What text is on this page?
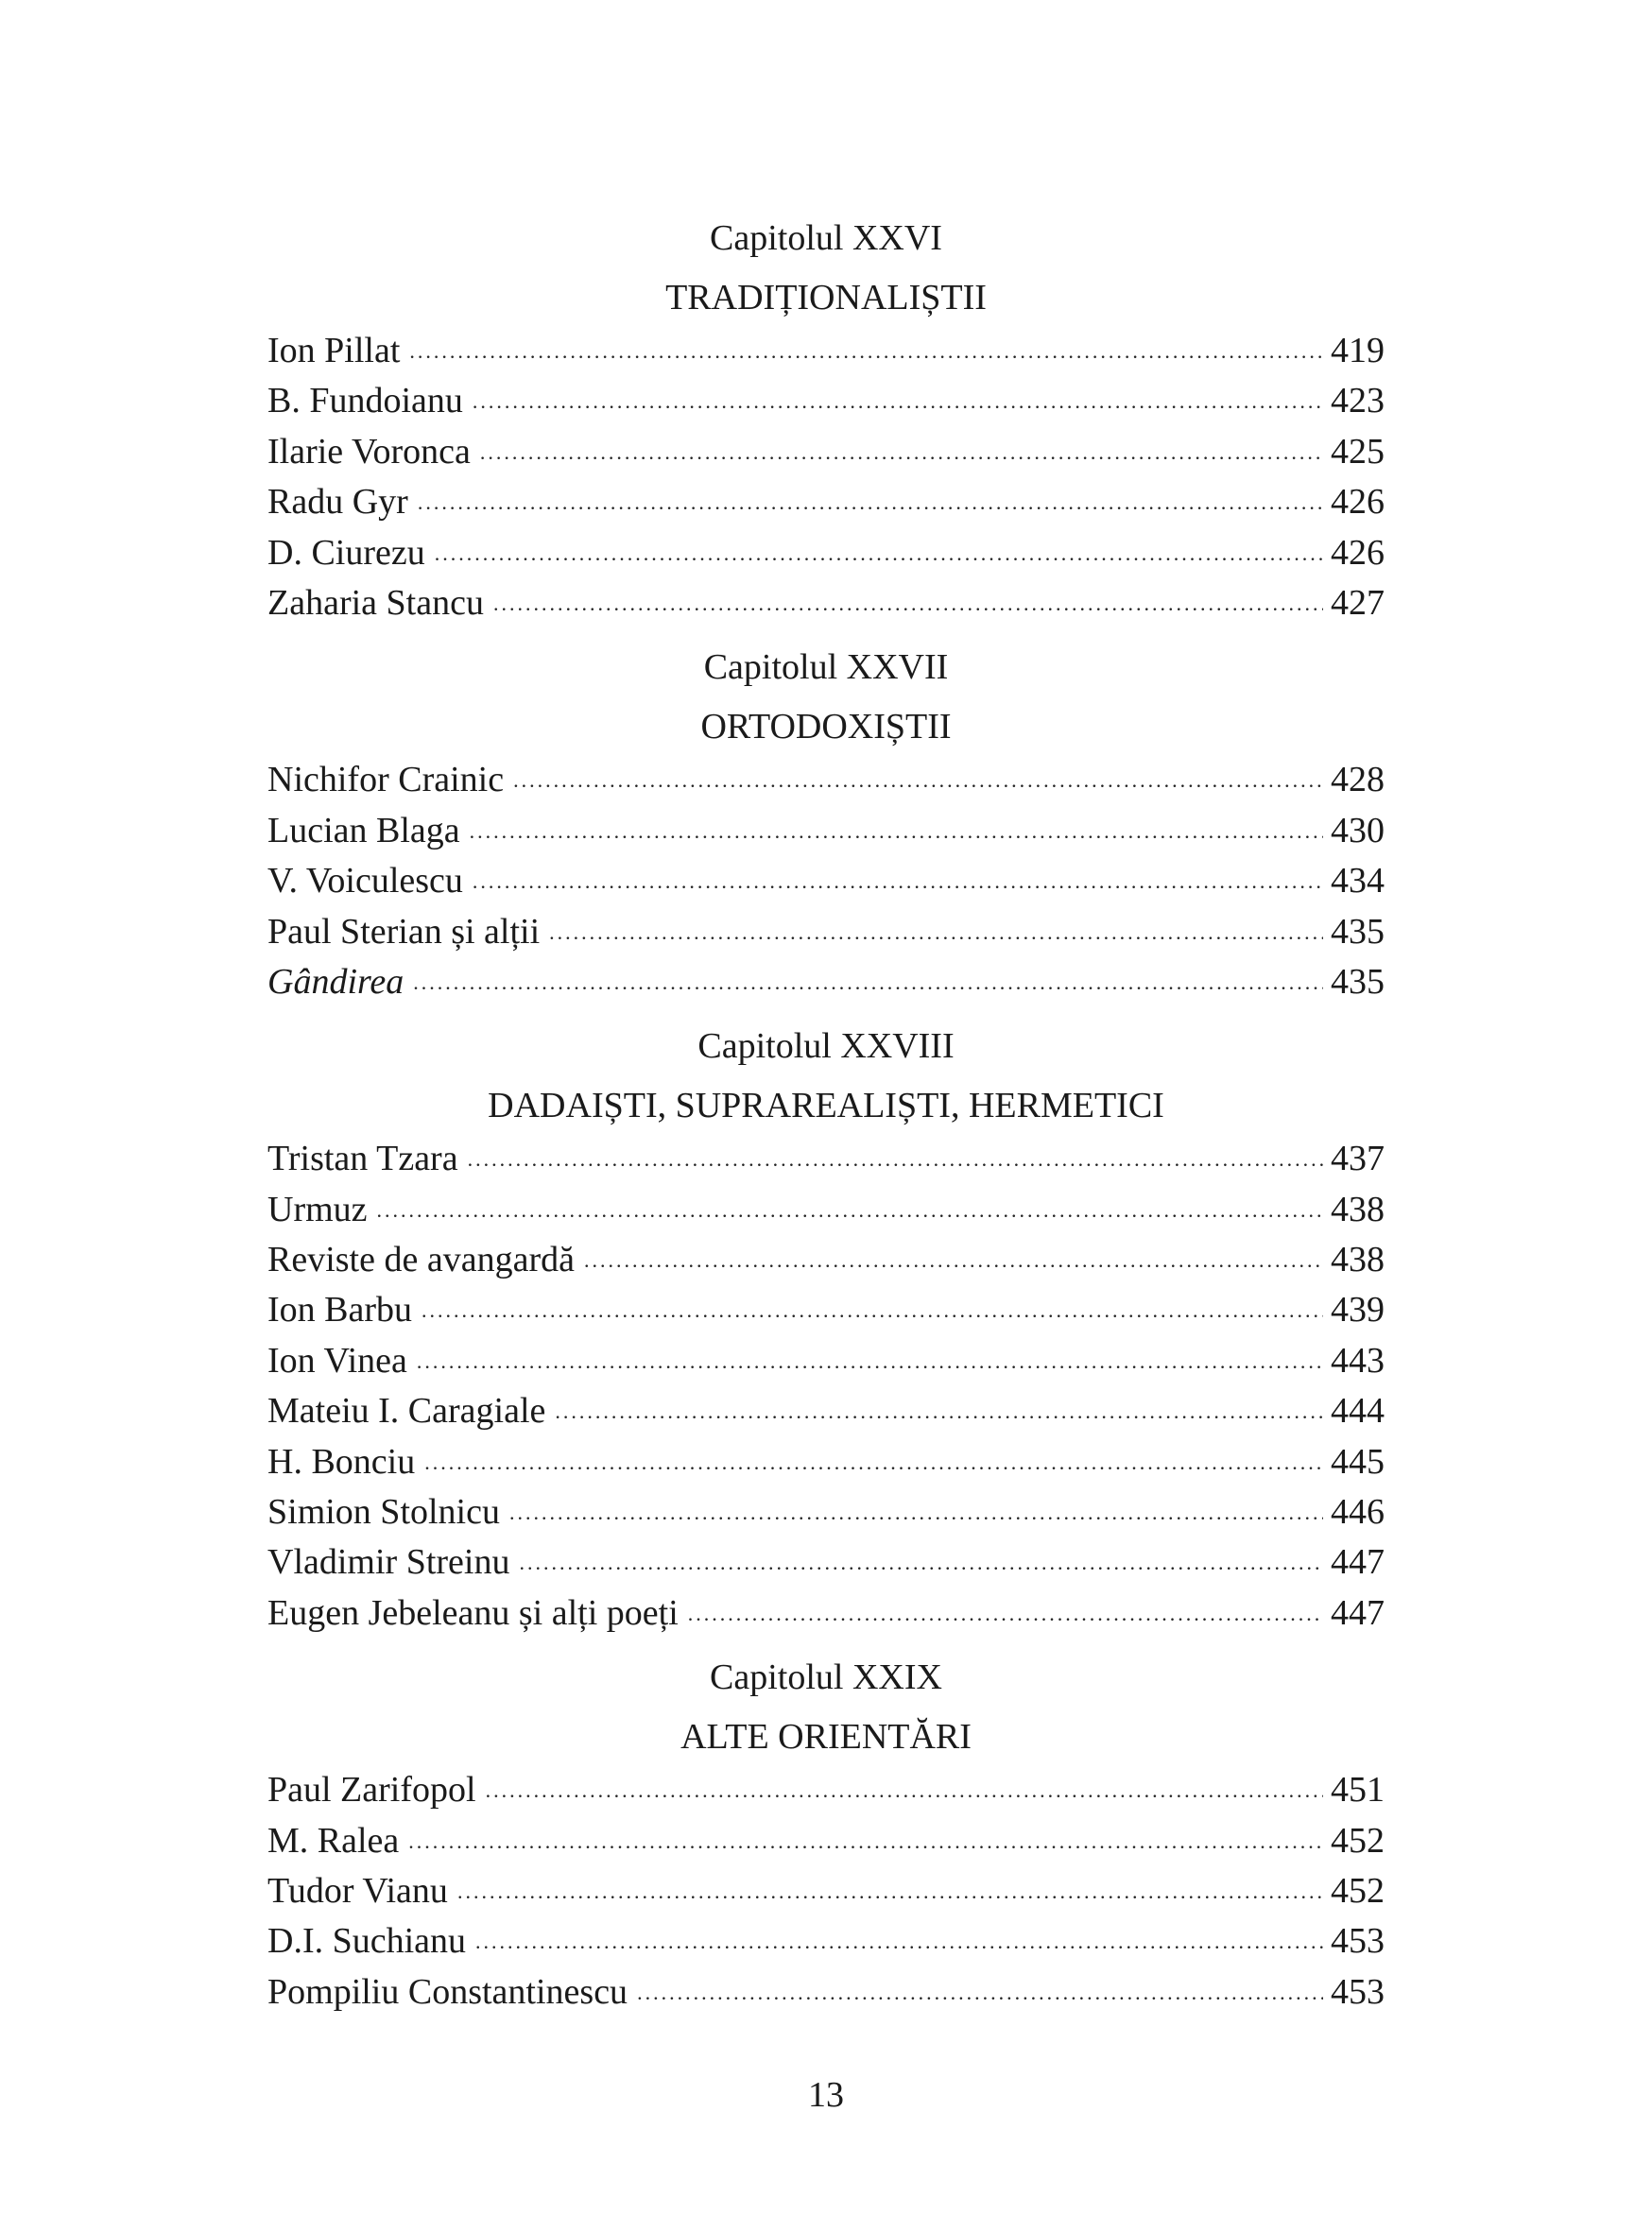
Capitolul XXVI
TRADIȚIONALIȘTII
Ion Pillat .....	419
B. Fundoianu .....	423
Ilarie Voronca .....	425
Radu Gyr .....	426
D. Ciurezu .....	426
Zaharia Stancu .....	427
Capitolul XXVII
ORTODOXIȘTII
Nichifor Crainic .....	428
Lucian Blaga .....	430
V. Voiculescu .....	434
Paul Sterian și alții .....	435
Gândirea .....	435
Capitolul XXVIII
DADAIȘTI, SUPRAREALIȘTI, HERMETICI
Tristan Tzara .....	437
Urmuz .....	438
Reviste de avangardă .....	438
Ion Barbu .....	439
Ion Vinea .....	443
Mateiu I. Caragiale .....	444
H. Bonciu .....	445
Simion Stolnicu .....	446
Vladimir Streinu .....	447
Eugen Jebeleanu și alți poeți .....	447
Capitolul XXIX
ALTE ORIENTĂRI
Paul Zarifopol .....	451
M. Ralea .....	452
Tudor Vianu .....	452
D.I. Suchianu .....	453
Pompiliu Constantinescu .....	453
13
